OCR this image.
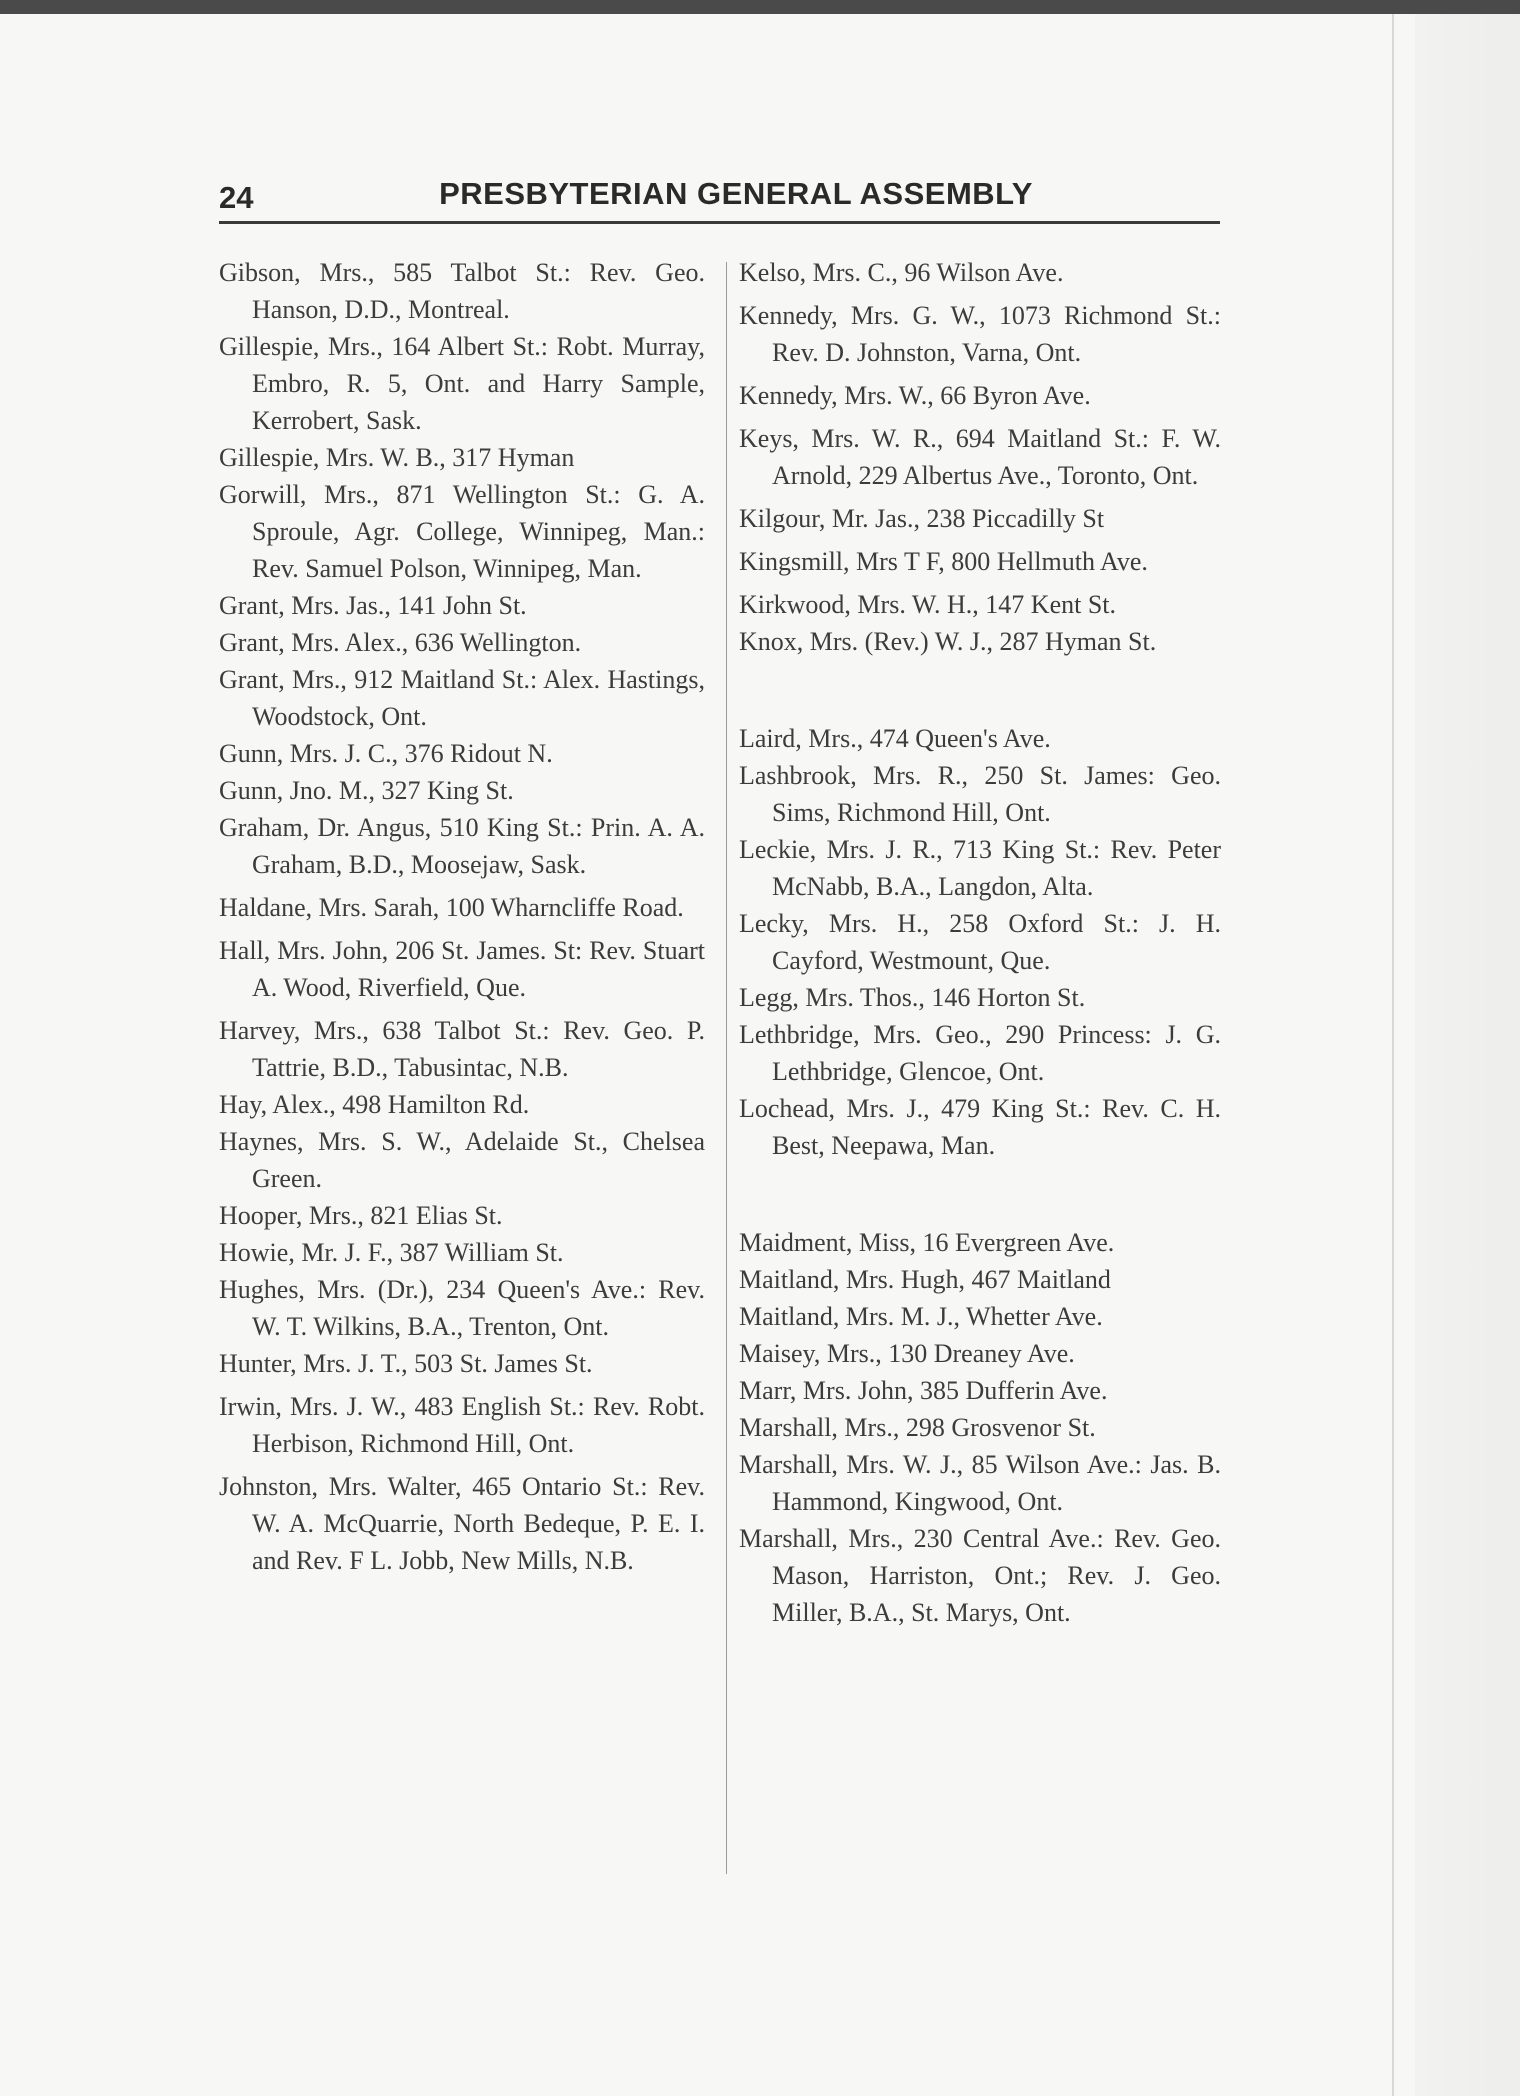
24	PRESBYTERIAN GENERAL ASSEMBLY
Gibson, Mrs., 585 Talbot St.: Rev. Geo. Hanson, D.D., Montreal.
Gillespie, Mrs., 164 Albert St.: Robt. Murray, Embro, R. 5, Ont. and Harry Sample, Kerrobert, Sask.
Gillespie, Mrs. W. B., 317 Hyman
Gorwill, Mrs., 871 Wellington St.: G. A. Sproule, Agr. College, Winnipeg, Man.: Rev. Samuel Polson, Winnipeg, Man.
Grant, Mrs. Jas., 141 John St.
Grant, Mrs. Alex., 636 Wellington.
Grant, Mrs., 912 Maitland St.: Alex. Hastings, Woodstock, Ont.
Gunn, Mrs. J. C., 376 Ridout N.
Gunn, Jno. M., 327 King St.
Graham, Dr. Angus, 510 King St.: Prin. A. A. Graham, B.D., Moosejaw, Sask.
Haldane, Mrs. Sarah, 100 Wharncliffe Road.
Hall, Mrs. John, 206 St. James. St: Rev. Stuart A. Wood, Riverfield, Que.
Harvey, Mrs., 638 Talbot St.: Rev. Geo. P. Tattrie, B.D., Tabusintac, N.B.
Hay, Alex., 498 Hamilton Rd.
Haynes, Mrs. S. W., Adelaide St., Chelsea Green.
Hooper, Mrs., 821 Elias St.
Howie, Mr. J. F., 387 William St.
Hughes, Mrs. (Dr.), 234 Queen's Ave.: Rev. W. T. Wilkins, B.A., Trenton, Ont.
Hunter, Mrs. J. T., 503 St. James St.
Irwin, Mrs. J. W., 483 English St.: Rev. Robt. Herbison, Richmond Hill, Ont.
Johnston, Mrs. Walter, 465 Ontario St.: Rev. W. A. McQuarrie, North Bedeque, P. E. I. and Rev. F L. Jobb, New Mills, N.B.
Kelso, Mrs. C., 96 Wilson Ave.
Kennedy, Mrs. G. W., 1073 Richmond St.: Rev. D. Johnston, Varna, Ont.
Kennedy, Mrs. W., 66 Byron Ave.
Keys, Mrs. W. R., 694 Maitland St.: F. W. Arnold, 229 Albertus Ave., Toronto, Ont.
Kilgour, Mr. Jas., 238 Piccadilly St
Kingsmill, Mrs T F, 800 Hellmuth Ave.
Kirkwood, Mrs. W. H., 147 Kent St.
Knox, Mrs. (Rev.) W. J., 287 Hyman St.
Laird, Mrs., 474 Queen's Ave.
Lashbrook, Mrs. R., 250 St. James: Geo. Sims, Richmond Hill, Ont.
Leckie, Mrs. J. R., 713 King St.: Rev. Peter McNabb, B.A., Langdon, Alta.
Lecky, Mrs. H., 258 Oxford St.: J. H. Cayford, Westmount, Que.
Legg, Mrs. Thos., 146 Horton St.
Lethbridge, Mrs. Geo., 290 Princess: J. G. Lethbridge, Glencoe, Ont.
Lochead, Mrs. J., 479 King St.: Rev. C. H. Best, Neepawa, Man.
Maidment, Miss, 16 Evergreen Ave.
Maitland, Mrs. Hugh, 467 Maitland
Maitland, Mrs. M. J., Whetter Ave.
Maisey, Mrs., 130 Dreaney Ave.
Marr, Mrs. John, 385 Dufferin Ave.
Marshall, Mrs., 298 Grosvenor St.
Marshall, Mrs. W. J., 85 Wilson Ave.: Jas. B. Hammond, Kingwood, Ont.
Marshall, Mrs., 230 Central Ave.: Rev. Geo. Mason, Harriston, Ont.; Rev. J. Geo. Miller, B.A., St. Marys, Ont.
